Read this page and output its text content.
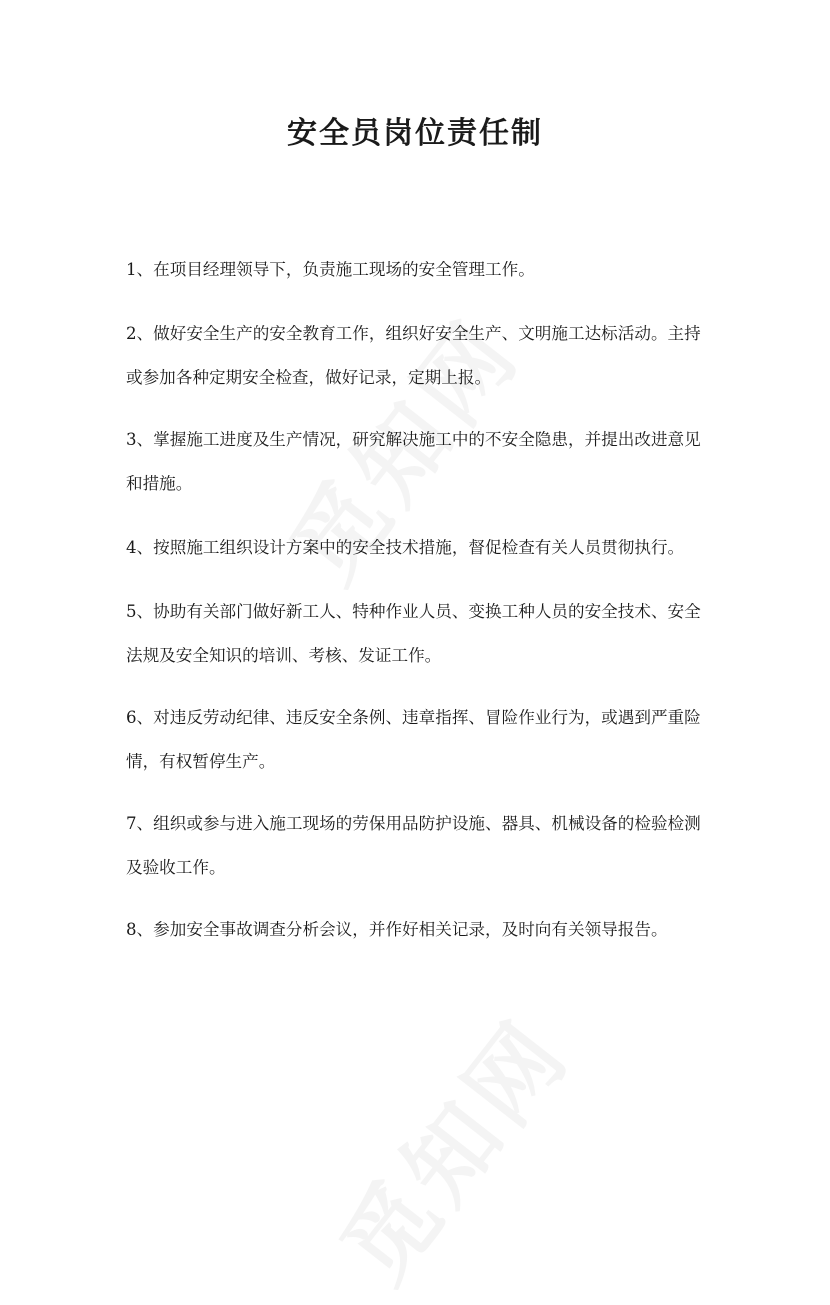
安全员岗位责任制
1、在项目经理领导下，负责施工现场的安全管理工作。
2、做好安全生产的安全教育工作，组织好安全生产、文明施工达标活动。主持
或参加各种定期安全检查，做好记录，定期上报。
3、掌握施工进度及生产情况，研究解决施工中的不安全隐患，并提出改进意见
和措施。
4、按照施工组织设计方案中的安全技术措施，督促检查有关人员贯彻执行。
5、协助有关部门做好新工人、特种作业人员、变换工种人员的安全技术、安全
法规及安全知识的培训、考核、发证工作。
6、对违反劳动纪律、违反安全条例、违章指挥、冒险作业行为，或遇到严重险
情，有权暂停生产。
7、组织或参与进入施工现场的劳保用品防护设施、器具、机械设备的检验检测
及验收工作。
8、参加安全事故调查分析会议，并作好相关记录，及时向有关领导报告。
